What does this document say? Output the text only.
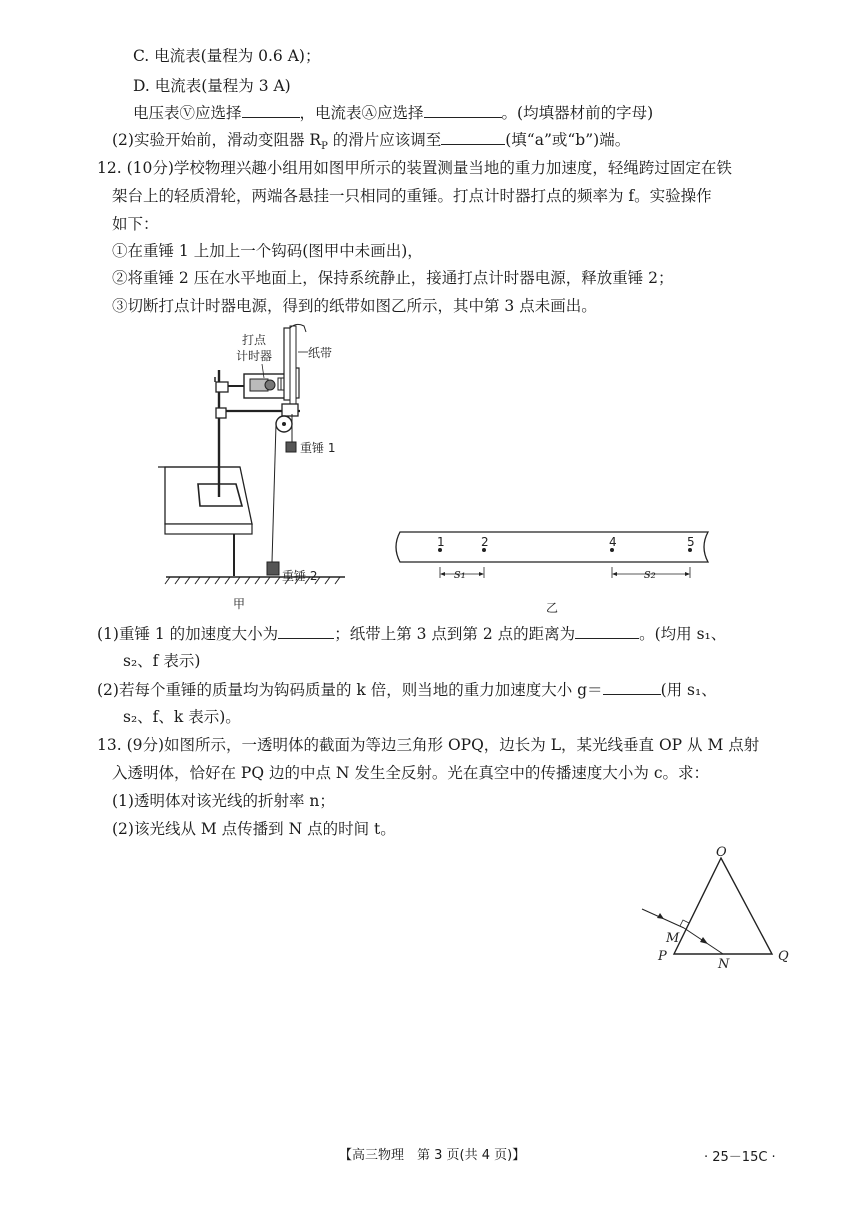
C. 电流表(量程为 0.6 A)；
D. 电流表(量程为 3 A)
电压表Ⓥ应选择	，电流表Ⓐ应选择	。(均填器材前的字母)
(2)实验开始前，滑动变阻器 $R_P$ 的滑片应该调至	(填“a”或“b”)端。
12. (10分)学校物理兴趣小组用如图甲所示的装置测量当地的重力加速度，轻绳跨过固定在铁
架台上的轻质滑轮，两端各悬挂一只相同的重锤。打点计时器打点的频率为 f。实验操作
如下：
①在重锤 1 上加上一个钩码(图甲中未画出)，
②将重锤 2 压在水平地面上，保持系统静止，接通打点计时器电源，释放重锤 2；
③切断打点计时器电源，得到的纸带如图乙所示，其中第 3 点未画出。
打点
计时器	纸带
重锤 1
重锤 2
甲
1	2	4	5
s₁	s₂
乙
(1)重锤 1 的加速度大小为	；纸带上第 3 点到第 2 点的距离为	。(均用 s₁、
s₂、f 表示)
(2)若每个重锤的质量均为钩码质量的 k 倍，则当地的重力加速度大小 g＝	(用 s₁、
s₂、f、k 表示)。
13. (9分)如图所示，一透明体的截面为等边三角形 OPQ，边长为 L，某光线垂直 OP 从 M 点射
入透明体，恰好在 PQ 边的中点 N 发生全反射。光在真空中的传播速度大小为 c。求：
(1)透明体对该光线的折射率 n；
(2)该光线从 M 点传播到 N 点的时间 t。
O
P	Q
M
N
【高三物理　第 3 页(共 4 页)】	· 25－15C ·
